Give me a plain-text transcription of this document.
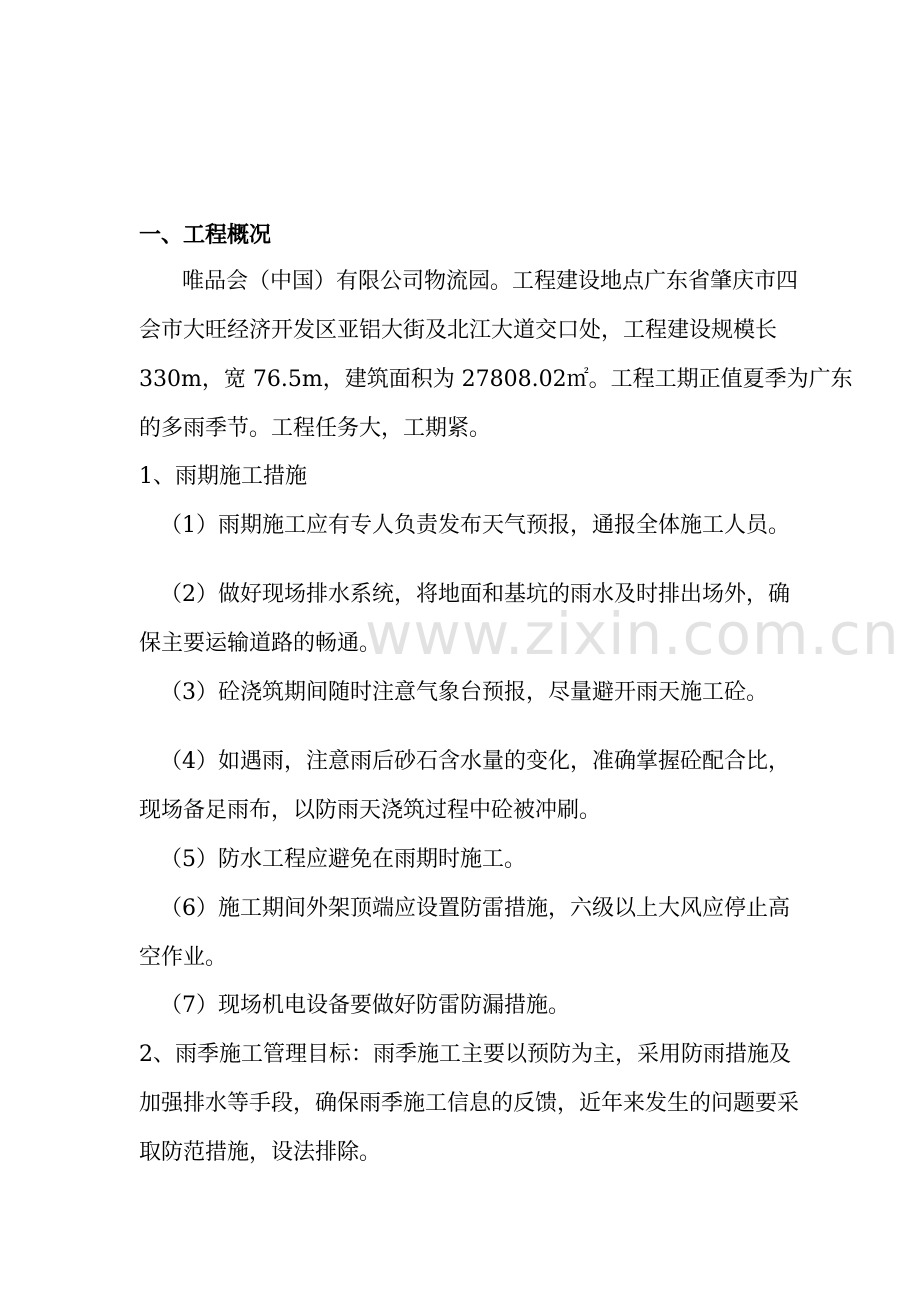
一、工程概况
唯品会（中国）有限公司物流园。工程建设地点广东省肇庆市四
会市大旺经济开发区亚铝大街及北江大道交口处，工程建设规模长
330m，宽 76.5m，建筑面积为 27808.02㎡。工程工期正值夏季为广东
的多雨季节。工程任务大，工期紧。
1、雨期施工措施
（1）雨期施工应有专人负责发布天气预报，通报全体施工人员。
（2）做好现场排水系统，将地面和基坑的雨水及时排出场外，确
保主要运输道路的畅通。
（3）砼浇筑期间随时注意气象台预报，尽量避开雨天施工砼。
（4）如遇雨，注意雨后砂石含水量的变化，准确掌握砼配合比，
现场备足雨布，以防雨天浇筑过程中砼被冲刷。
（5）防水工程应避免在雨期时施工。
（6）施工期间外架顶端应设置防雷措施，六级以上大风应停止高
空作业。
（7）现场机电设备要做好防雷防漏措施。
2、雨季施工管理目标：雨季施工主要以预防为主，采用防雨措施及
加强排水等手段，确保雨季施工信息的反馈，近年来发生的问题要采
取防范措施，设法排除。
www.zixin.com.cn
